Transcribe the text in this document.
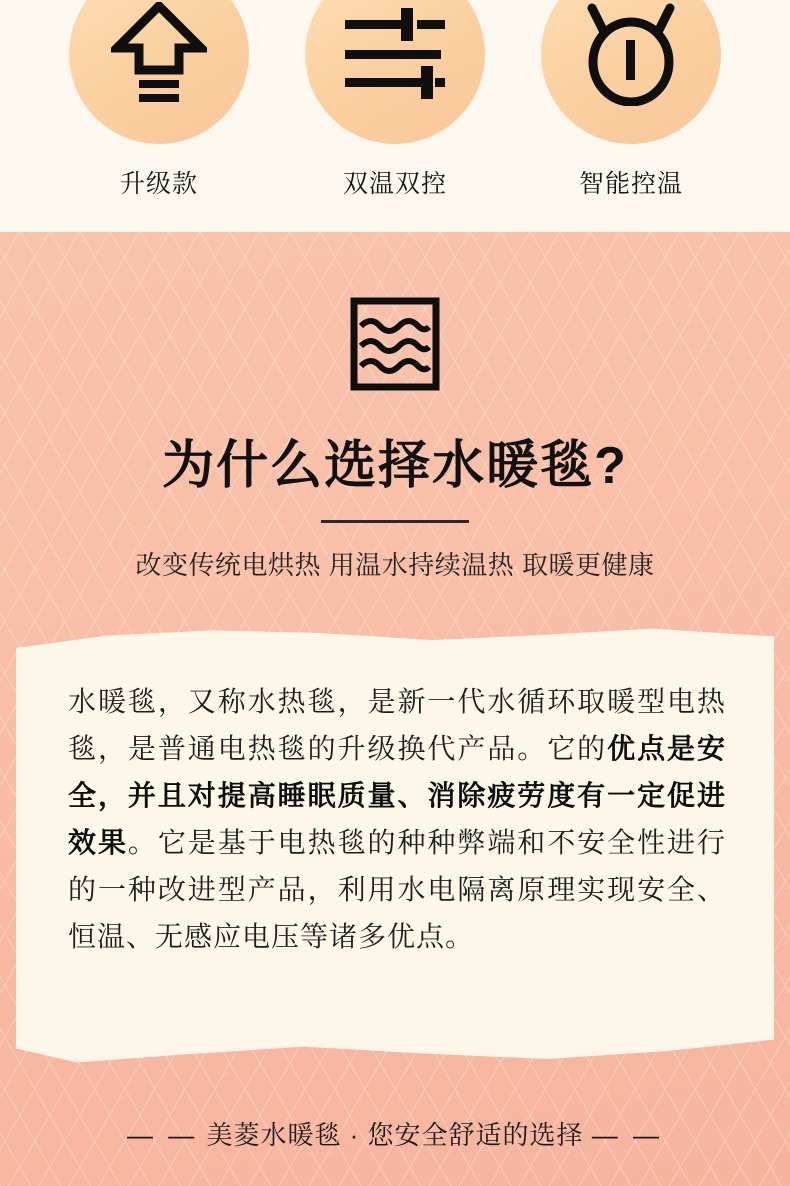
升级款	双温双控	智能控温
为什么选择水暖毯?
改变传统电烘热 用温水持续温热 取暖更健康
水暖毯，又称水热毯，是新一代水循环取暖型电热毯，是普通电热毯的升级换代产品。它的优点是安全，并且对提高睡眠质量、消除疲劳度有一定促进效果。它是基于电热毯的种种弊端和不安全性进行的一种改进型产品，利用水电隔离原理实现安全、恒温、无感应电压等诸多优点。
— — 美菱水暖毯 · 您安全舒适的选择 — —
